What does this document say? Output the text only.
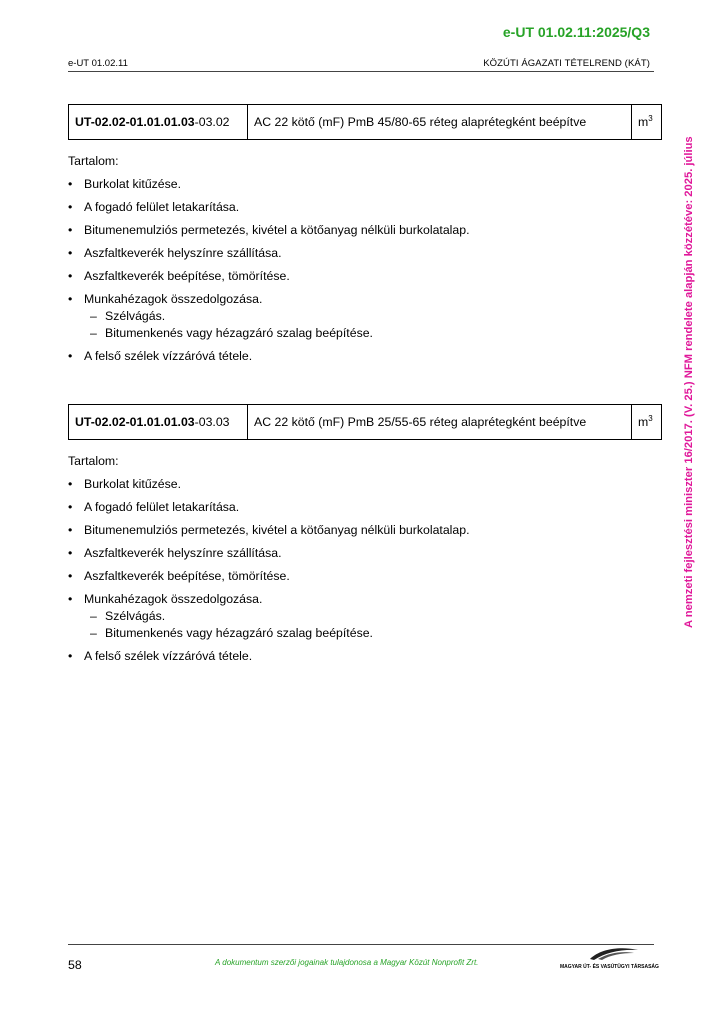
e-UT 01.02.11:2025/Q3
e-UT 01.02.11	KÖZÚTI ÁGAZATI TÉTELREND (KÁT)
A nemzeti fejlesztési miniszter 16/2017. (V. 25.) NFM rendelete alapján közzétéve: 2025. július
UT-02.02-01.01.01.03-03.02	AC 22 kötő (mF) PmB 45/80-65 réteg alaprétegként beépítve	$m^3$

Tartalom:

• Burkolat kitűzése.
• A fogadó felület letakarítása.
• Bitumenemulziós permetezés, kivétel a kötőanyag nélküli burkolatalap.
• Aszfaltkeverék helyszínre szállítása.
• Aszfaltkeverék beépítése, tömörítése.
• Munkahézagok összedolgozása.
– Szélvágás.
– Bitumenkenés vagy hézagzáró szalag beépítése.
• A felső szélek vízzáróvá tétele.
UT-02.02-01.01.01.03-03.03	AC 22 kötő (mF) PmB 25/55-65 réteg alaprétegként beépítve	$m^3$

Tartalom:

• Burkolat kitűzése.
• A fogadó felület letakarítása.
• Bitumenemulziós permetezés, kivétel a kötőanyag nélküli burkolatalap.
• Aszfaltkeverék helyszínre szállítása.
• Aszfaltkeverék beépítése, tömörítése.
• Munkahézagok összedolgozása.
– Szélvágás.
– Bitumenkenés vagy hézagzáró szalag beépítése.
• A felső szélek vízzáróvá tétele.
58	A dokumentum szerzői jogainak tulajdonosa a Magyar Közút Nonprofit Zrt.	MAGYAR ÚT- ÉS VASÚTÜGYI TÁRSASÁG
